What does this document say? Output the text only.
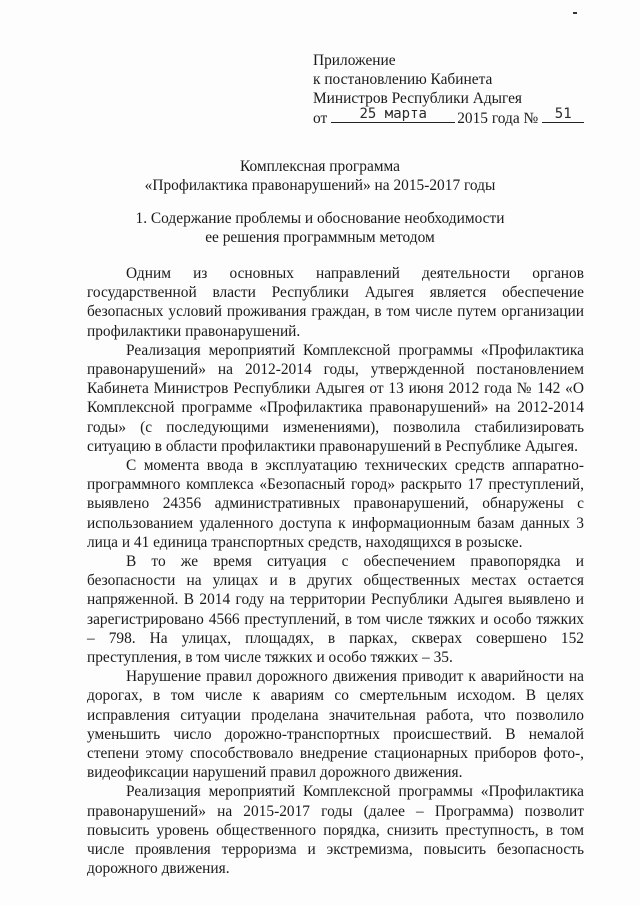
Приложение
к постановлению Кабинета
Министров Республики Адыгея
от	25 марта	2015 года №	51
Комплексная программа
«Профилактика правонарушений» на 2015-2017 годы
1. Содержание проблемы и обоснование необходимости
ее решения программным методом

Одним из основных направлений деятельности органов государственной власти Республики Адыгея является обеспечение безопасных условий проживания граждан, в том числе путем организации профилактики правонарушений.

Реализация мероприятий Комплексной программы «Профилактика правонарушений» на 2012-2014 годы, утвержденной постановлением Кабинета Министров Республики Адыгея от 13 июня 2012 года № 142 «О Комплексной программе «Профилактика правонарушений» на 2012-2014 годы» (с последующими изменениями), позволила стабилизировать ситуацию в области профилактики правонарушений в Республике Адыгея.

С момента ввода в эксплуатацию технических средств аппаратно-программного комплекса «Безопасный город» раскрыто 17 преступлений, выявлено 24356 административных правонарушений, обнаружены с использованием удаленного доступа к информационным базам данных 3 лица и 41 единица транспортных средств, находящихся в розыске.

В то же время ситуация с обеспечением правопорядка и безопасности на улицах и в других общественных местах остается напряженной. В 2014 году на территории Республики Адыгея выявлено и зарегистрировано 4566 преступлений, в том числе тяжких и особо тяжких – 798. На улицах, площадях, в парках, скверах совершено 152 преступления, в том числе тяжких и особо тяжких – 35.

Нарушение правил дорожного движения приводит к аварийности на дорогах, в том числе к авариям со смертельным исходом. В целях исправления ситуации проделана значительная работа, что позволило уменьшить число дорожно-транспортных происшествий. В немалой степени этому способствовало внедрение стационарных приборов фото-, видеофиксации нарушений правил дорожного движения.

Реализация мероприятий Комплексной программы «Профилактика правонарушений» на 2015-2017 годы (далее – Программа) позволит повысить уровень общественного порядка, снизить преступность, в том числе проявления терроризма и экстремизма, повысить безопасность дорожного движения.
